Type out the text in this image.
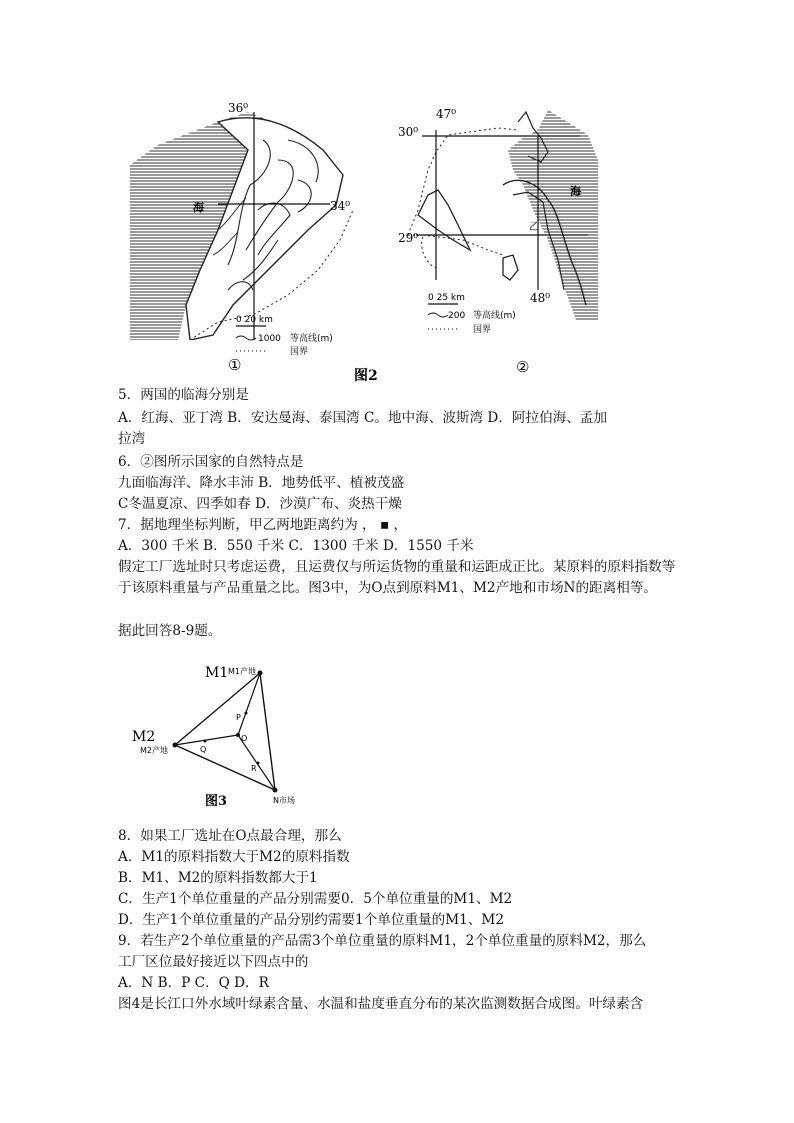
36⁰
34⁰
海
0 20 km
1000 等高线(m)
国界
①
图2
47⁰
30⁰
29⁰
48⁰
海
乙
0 25 km
200 等高线(m)
国界
②
5．两国的临海分别是
A．红海、亚丁湾 B．安达曼海、泰国湾 C。地中海、波斯湾 D．阿拉伯海、孟加
拉湾
6．②图所示国家的自然特点是
九面临海洋、降水丰沛 B．地势低平、植被茂盛
C冬温夏凉、四季如春 D．沙漠广布、炎热干燥
7．据地理坐标判断，甲乙两地距离约为 ， ▪ ，
A．300 千米 B．550 千米 C．1300 千米 D．1550 千米
假定工厂选址时只考虑运费，且运费仅与所运货物的重量和运距成正比。某原料的原料指数等于该原料重量与产品重量之比。图3中，为O点到原料M1、M2产地和市场N的距离相等。
据此回答8-9题。
M1 M1产地
M2
M2产地
N市场
P
Q
O
R
图3
8．如果工厂选址在O点最合理，那么
A．M1的原料指数大于M2的原料指数
B．M1、M2的原料指数都大于1
C．生产1个单位重量的产品分别需要0．5个单位重量的M1、M2
D．生产1个单位重量的产品分别约需要1个单位重量的M1、M2
9．若生产2个单位重量的产品需3个单位重量的原料M1，2个单位重量的原料M2，那么
工厂区位最好接近以下四点中的
A．N B．P C．Q D．R
图4是长江口外水域叶绿素含量、水温和盐度垂直分布的某次监测数据合成图。叶绿素含
